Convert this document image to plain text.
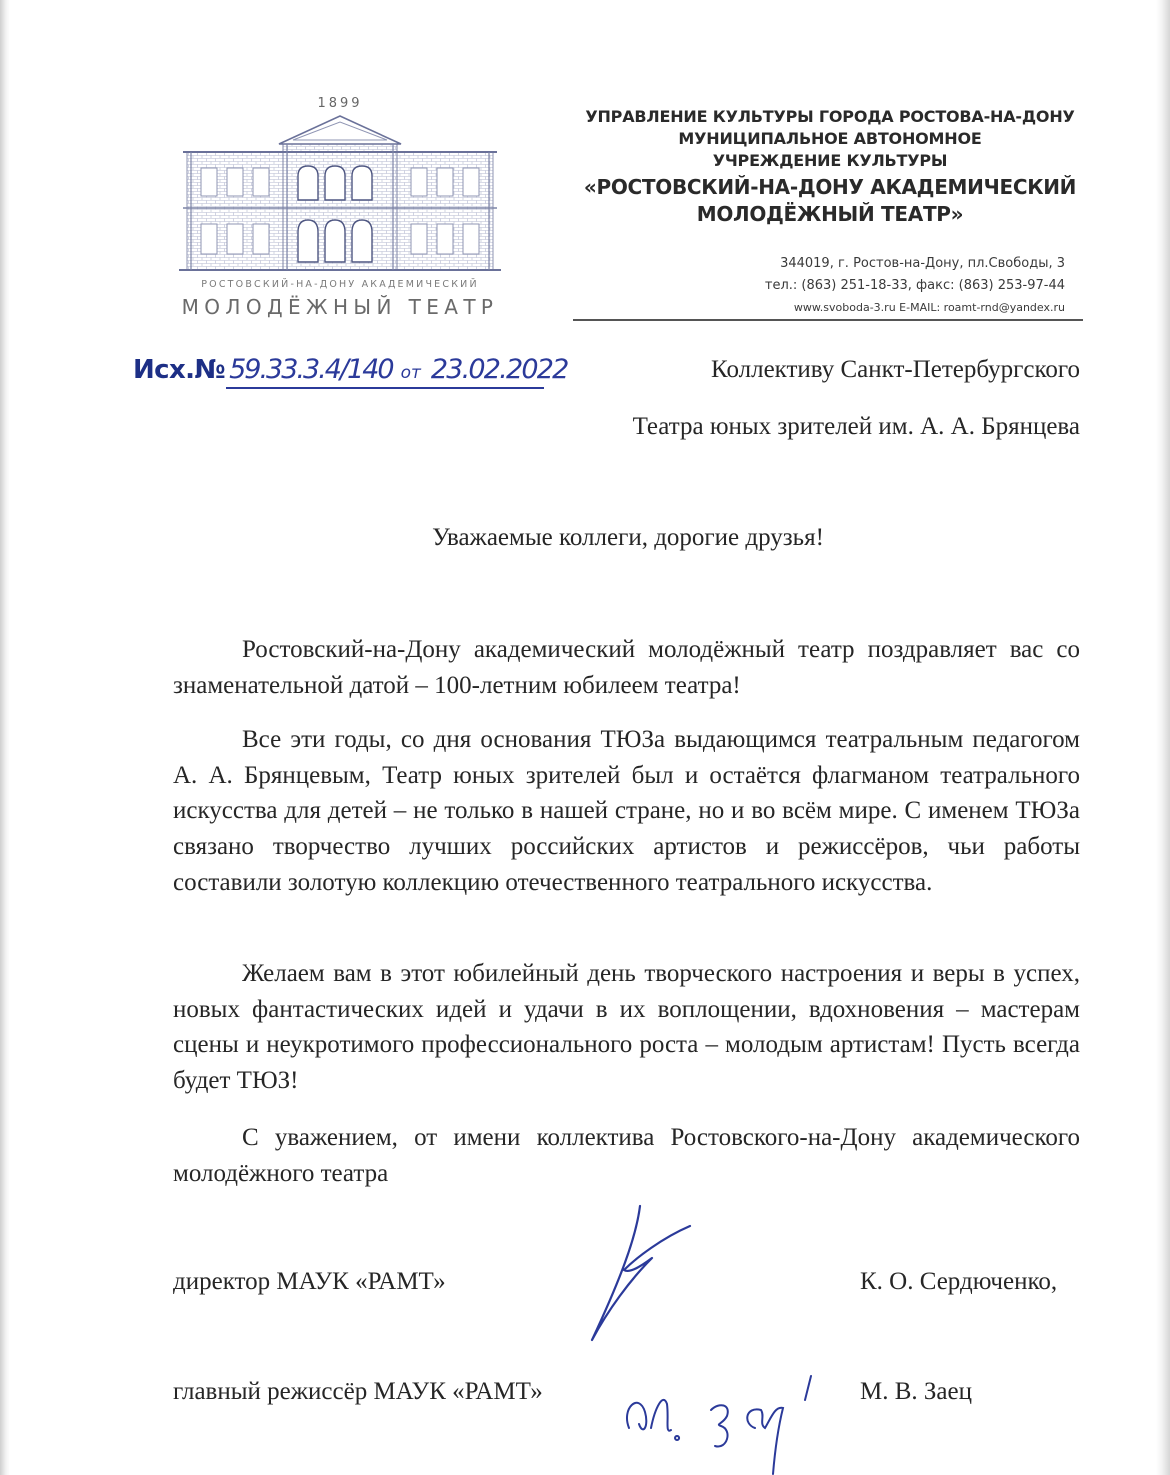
1899
РОСТОВСКИЙ-НА-ДОНУ АКАДЕМИЧЕСКИЙ
МОЛОДЁЖНЫЙ ТЕАТР
УПРАВЛЕНИЕ КУЛЬТУРЫ ГОРОДА РОСТОВА-НА-ДОНУ
МУНИЦИПАЛЬНОЕ АВТОНОМНОЕ
УЧРЕЖДЕНИЕ КУЛЬТУРЫ
«РОСТОВСКИЙ-НА-ДОНУ АКАДЕМИЧЕСКИЙ
МОЛОДЁЖНЫЙ ТЕАТР»
344019, г. Ростов-на-Дону, пл.Свободы, 3
тел.: (863) 251-18-33, факс: (863) 253-97-44
www.svoboda-3.ru E-MAIL: roamt-rnd@yandex.ru
Исх.№ 59.33.3.4/140 от 23.02.2022	Коллективу Санкт-Петербургского
Театра юных зрителей им. А. А. Брянцева
Уважаемые коллеги, дорогие друзья!
Ростовский-на-Дону академический молодёжный театр поздравляет вас со знаменательной датой – 100-летним юбилеем театра!
Все эти годы, со дня основания ТЮЗа выдающимся театральным педагогом А. А. Брянцевым, Театр юных зрителей был и остаётся флагманом театрального искусства для детей – не только в нашей стране, но и во всём мире. С именем ТЮЗа связано творчество лучших российских артистов и режиссёров, чьи работы составили золотую коллекцию отечественного театрального искусства.
Желаем вам в этот юбилейный день творческого настроения и веры в успех, новых фантастических идей и удачи в их воплощении, вдохновения – мастерам сцены и неукротимого профессионального роста – молодым артистам! Пусть всегда будет ТЮЗ!
С уважением, от имени коллектива Ростовского-на-Дону академического молодёжного театра
директор МАУК «РАМТ»	К. О. Сердюченко,
главный режиссёр МАУК «РАМТ»	М. В. Заец
